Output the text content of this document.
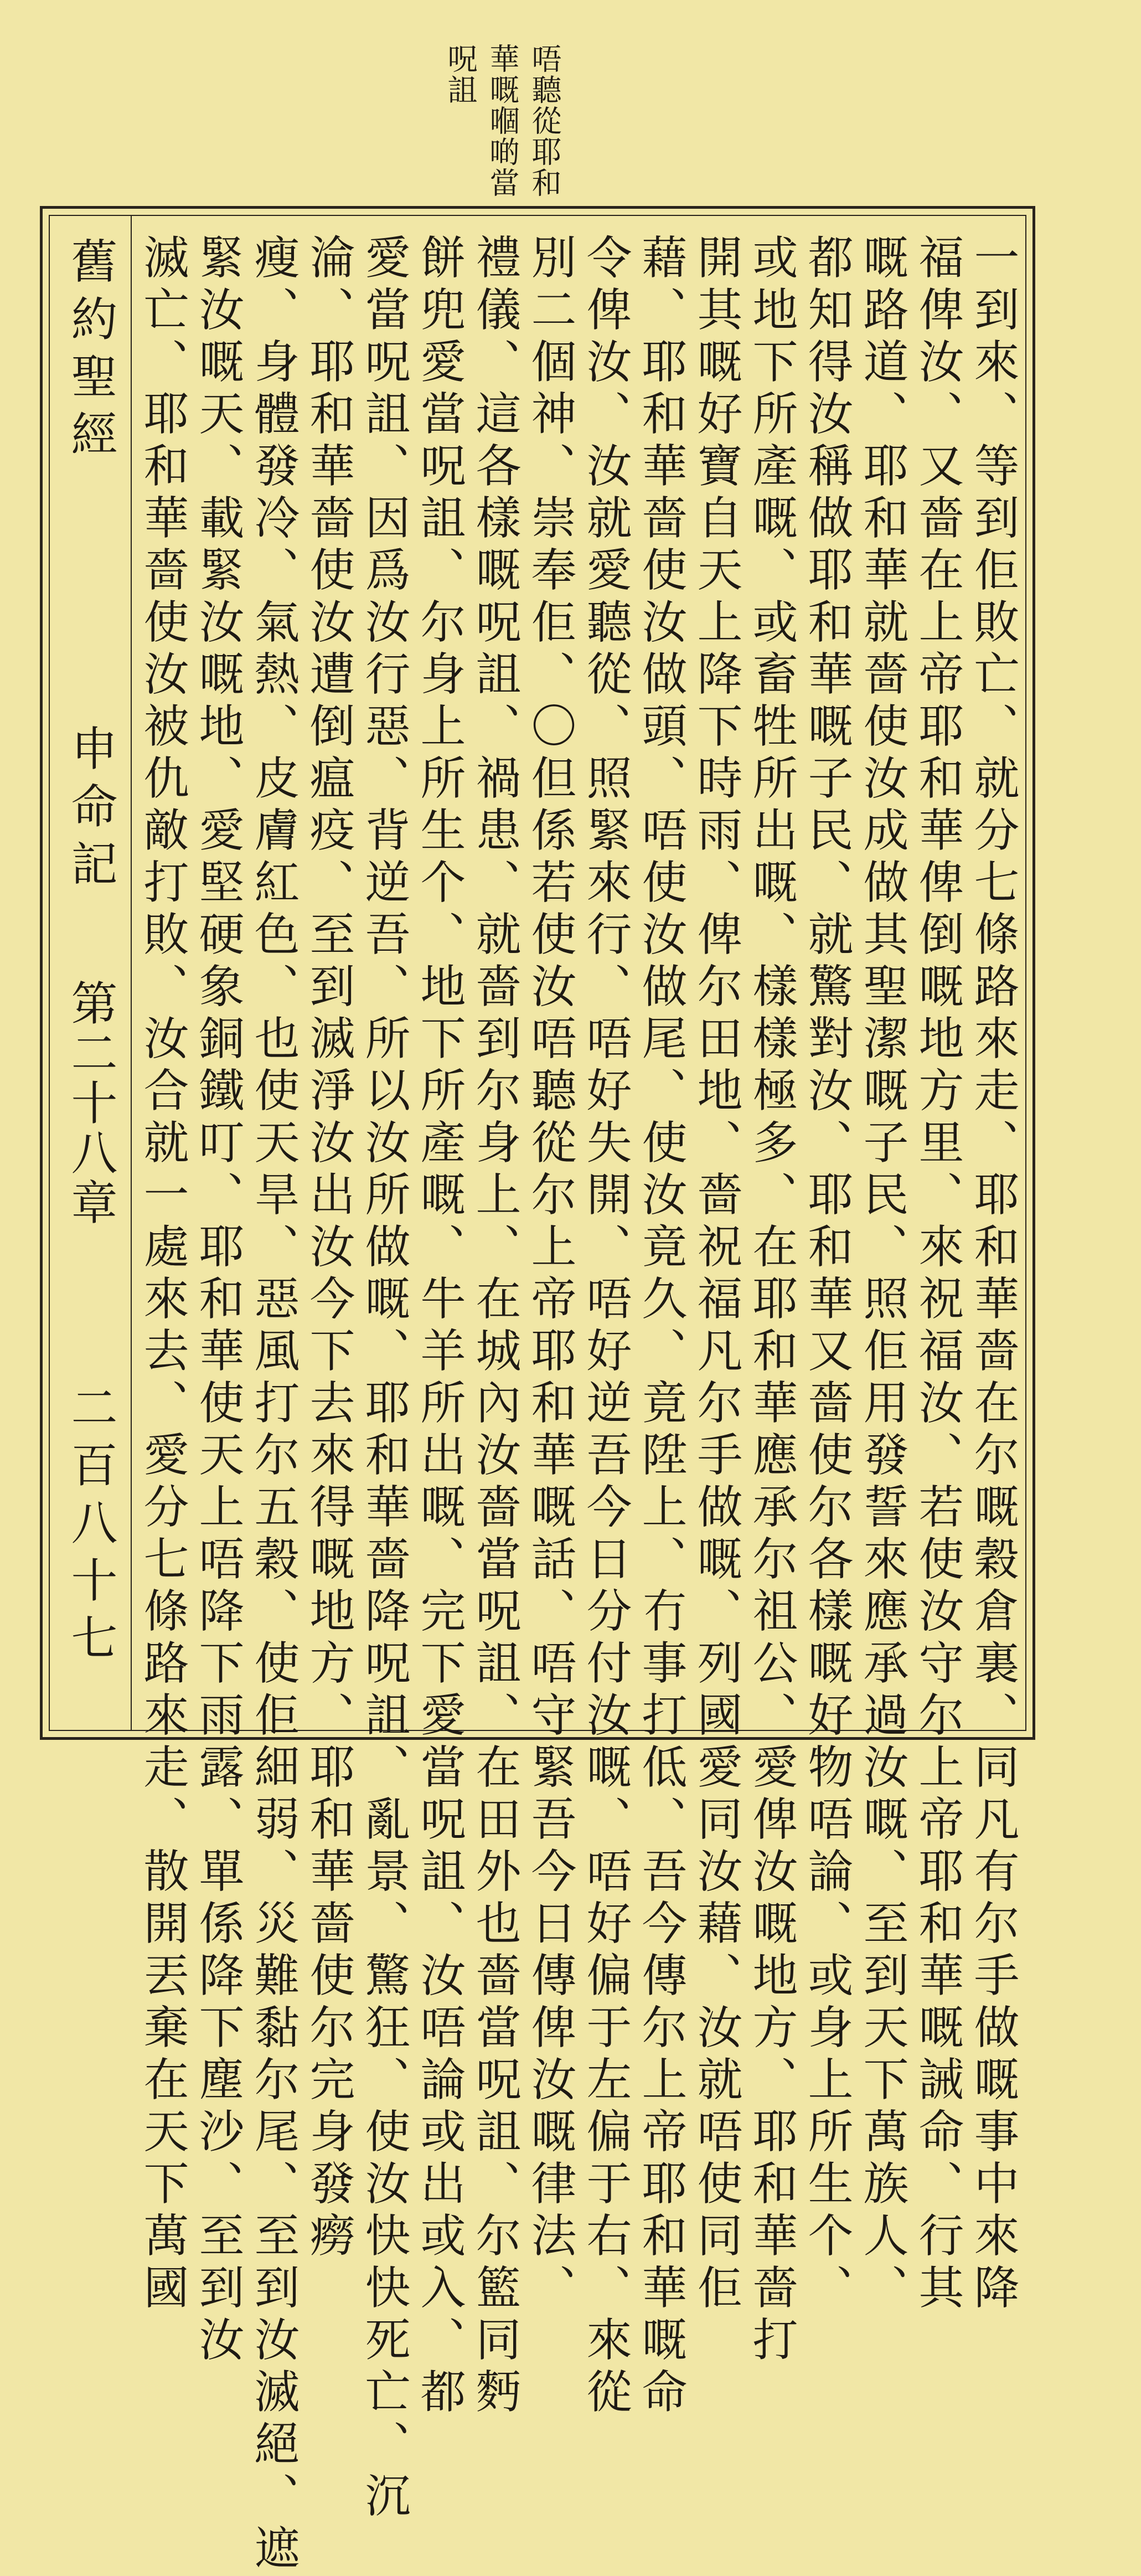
唔聽從耶和
華嘅嗰啲當
呪詛
舊約聖經
申命記
第二十八章
二百八十七	一到來、等到佢敗亡、就分七條路來走、耶和華嗇在尔嘅穀倉裏、同凡有尔手做嘅事中來降
福俾汝、又嗇在上帝耶和華俾倒嘅地方里、來祝福汝、若使汝守尔上帝耶和華嘅誡命、行其
嘅路道、耶和華就嗇使汝成做其聖潔嘅子民、照佢用發誓來應承過汝嘅、至到天下萬族人、
都知得汝稱做耶和華嘅子民、就驚對汝、耶和華又嗇使尔各樣嘅好物唔論、或身上所生个、
或地下所產嘅、或畜牲所出嘅、樣樣極多、在耶和華應承尔祖公、愛俾汝嘅地方、耶和華嗇打
開其嘅好寶自天上降下時雨、俾尔田地、嗇祝福凡尔手做嘅、列國愛同汝藉、汝就唔使同佢
藉、耶和華嗇使汝做頭、唔使汝做尾、使汝竟久、竟陞上、冇事打低、吾今傳尔上帝耶和華嘅命
令俾汝、汝就愛聽從、照緊來行、唔好失開、唔好逆吾今日分付汝嘅、唔好偏于左偏于右、來從
別二個神、崇奉佢、〇但係若使汝唔聽從尔上帝耶和華嘅話、唔守緊吾今日傳俾汝嘅律法、
禮儀、這各樣嘅呪詛、禍患、就嗇到尔身上、在城內汝嗇當呪詛、在田外也嗇當呪詛、尔籃同麪
餅兜愛當呪詛、尔身上所生个、地下所產嘅、牛羊所出嘅、完下愛當呪詛、汝唔論或出或入、都
愛當呪詛、因爲汝行惡、背逆吾、所以汝所做嘅、耶和華嗇降呪詛、亂景、驚狂、使汝快快死亡、沉
淪、耶和華嗇使汝遭倒瘟疫、至到滅淨汝出汝今下去來得嘅地方、耶和華嗇使尔完身發癆
瘦、身體發冷、氣熱、皮膚紅色、也使天旱、惡風打尔五穀、使佢細弱、災難黏尔尾、至到汝滅絕、遮
緊汝嘅天、載緊汝嘅地、愛堅硬象銅鐵叮、耶和華使天上唔降下雨露、單係降下塵沙、至到汝
滅亡、耶和華嗇使汝被仇敵打敗、汝合就一處來去、愛分七條路來走、散開丟棄在天下萬國
